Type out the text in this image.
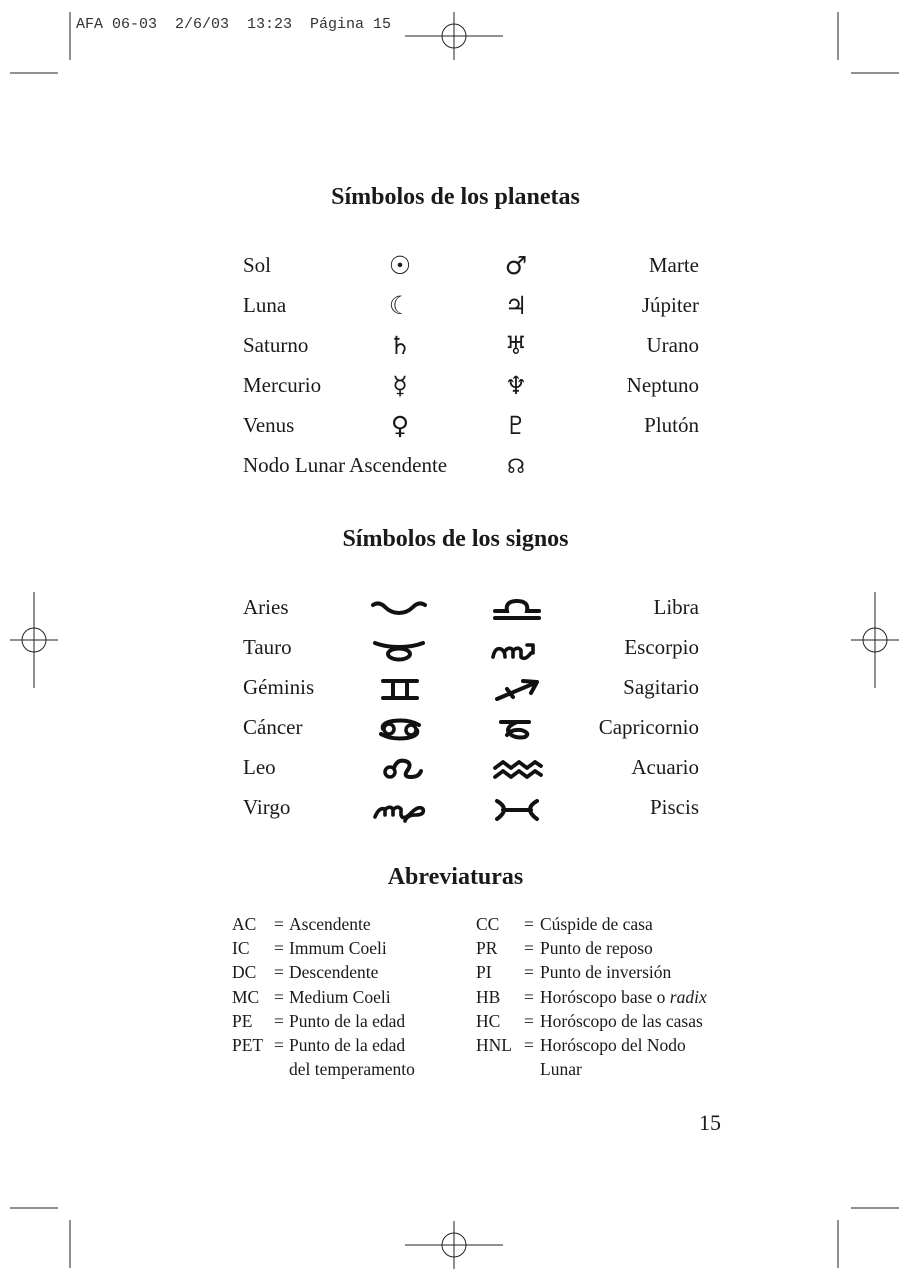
AFA 06-03  2/6/03  13:23  Página 15
Símbolos de los planetas
Sol	☉	♂	Marte
Luna	☾	♃	Júpiter
Saturno	♄	♅	Urano
Mercurio	☿	♆	Neptuno
Venus	♀	♇	Plutón
Nodo Lunar Ascendente	☊
Símbolos de los signos
Aries	Libra
Tauro	Escorpio
Géminis	Sagitario
Cáncer	Capricornio
Leo	Acuario
Virgo	Piscis
Abreviaturas
AC = Ascendente
IC = Immum Coeli
DC = Descendente
MC = Medium Coeli
PE = Punto de la edad
PET = Punto de la edad

del temperamento
CC = Cúspide de casa
PR = Punto de reposo
PI = Punto de inversión
HB = Horóscopo base o radix
HC = Horóscopo de las casas
HNL = Horóscopo del Nodo

Lunar
15
